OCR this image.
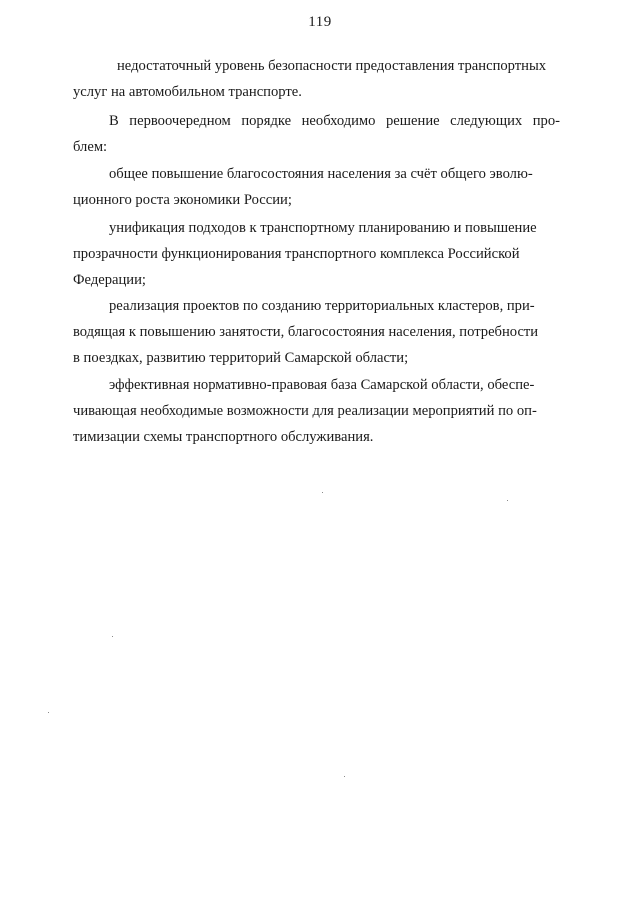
119
недостаточный уровень безопасности предоставления транспортных
услуг на автомобильном транспорте.
В первоочередном порядке необходимо решение следующих про-
блем:
общее повышение благосостояния населения за счёт общего эволю-
ционного роста экономики России;
унификация подходов к транспортному планированию и повышение
прозрачности функционирования транспортного комплекса Российской
Федерации;
реализация проектов по созданию территориальных кластеров, при-
водящая к повышению занятости, благосостояния населения, потребности
в поездках, развитию территорий Самарской области;
эффективная нормативно-правовая база Самарской области, обеспе-
чивающая необходимые возможности для реализации мероприятий по оп-
тимизации схемы транспортного обслуживания.
